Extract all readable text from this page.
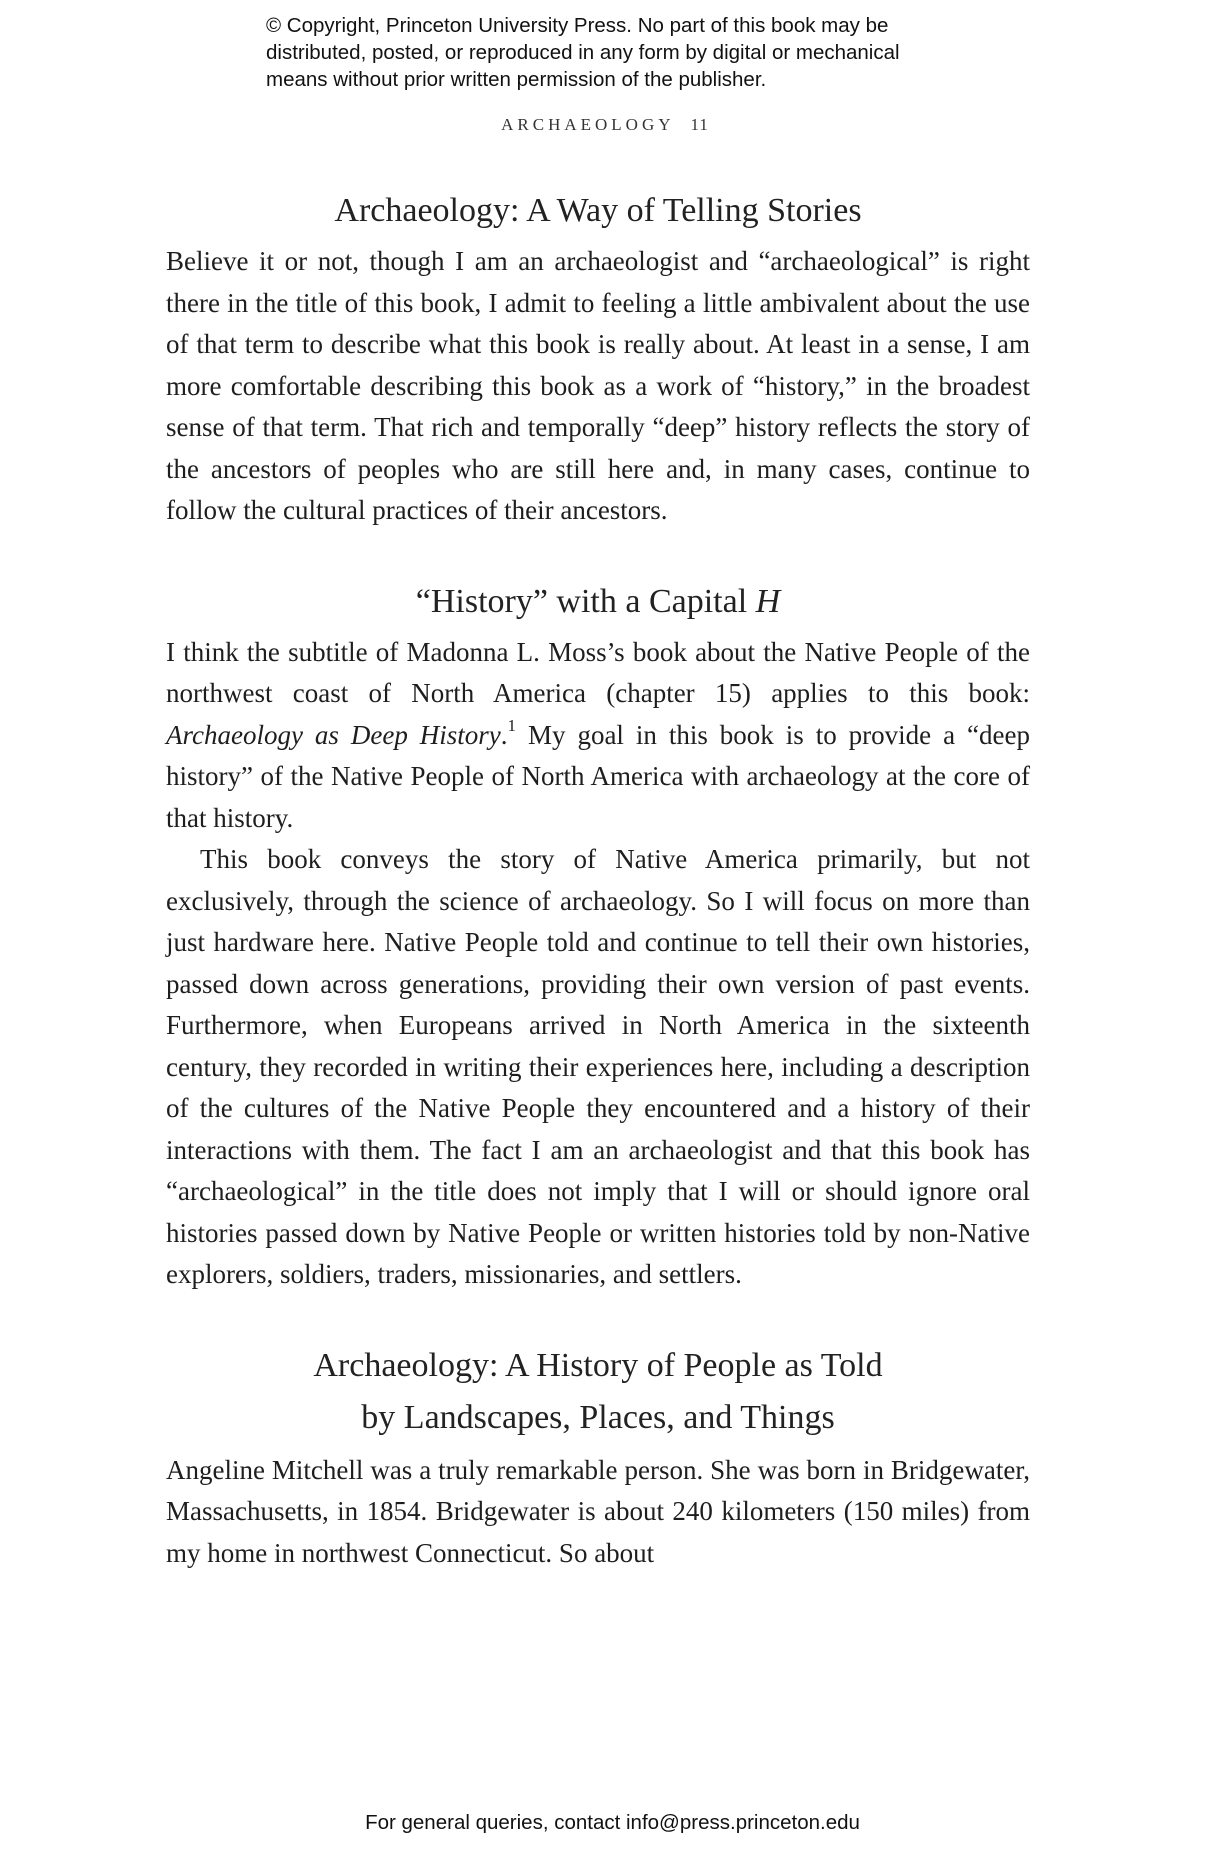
© Copyright, Princeton University Press. No part of this book may be
distributed, posted, or reproduced in any form by digital or mechanical
means without prior written permission of the publisher.
ARCHAEOLOGY 11
Archaeology: A Way of Telling Stories

Believe it or not, though I am an archaeologist and “archaeological” is right there in the title of this book, I admit to feeling a little ambivalent about the use of that term to describe what this book is really about. At least in a sense, I am more comfortable describing this book as a work of “history,” in the broadest sense of that term. That rich and temporally “deep” history reflects the story of the ancestors of peoples who are still here and, in many cases, continue to follow the cultural practices of their ancestors.

“History” with a Capital H

I think the subtitle of Madonna L. Moss’s book about the Native People of the northwest coast of North America (chapter 15) applies to this book: Archaeology as Deep History.$^1$ My goal in this book is to provide a “deep history” of the Native People of North America with archaeology at the core of that history.

This book conveys the story of Native America primarily, but not exclusively, through the science of archaeology. So I will focus on more than just hardware here. Native People told and continue to tell their own histories, passed down across generations, providing their own version of past events. Furthermore, when Europeans arrived in North America in the sixteenth century, they recorded in writing their experiences here, including a description of the cultures of the Native People they encountered and a history of their interactions with them. The fact I am an archaeologist and that this book has “archaeological” in the title does not imply that I will or should ignore oral histories passed down by Native People or written histories told by non-Native explorers, soldiers, traders, missionaries, and settlers.

Archaeology: A History of People as Told
by Landscapes, Places, and Things

Angeline Mitchell was a truly remarkable person. She was born in Bridgewater, Massachusetts, in 1854. Bridgewater is about 240 kilometers (150 miles) from my home in northwest Connecticut. So about

For general queries, contact info@press.princeton.edu
